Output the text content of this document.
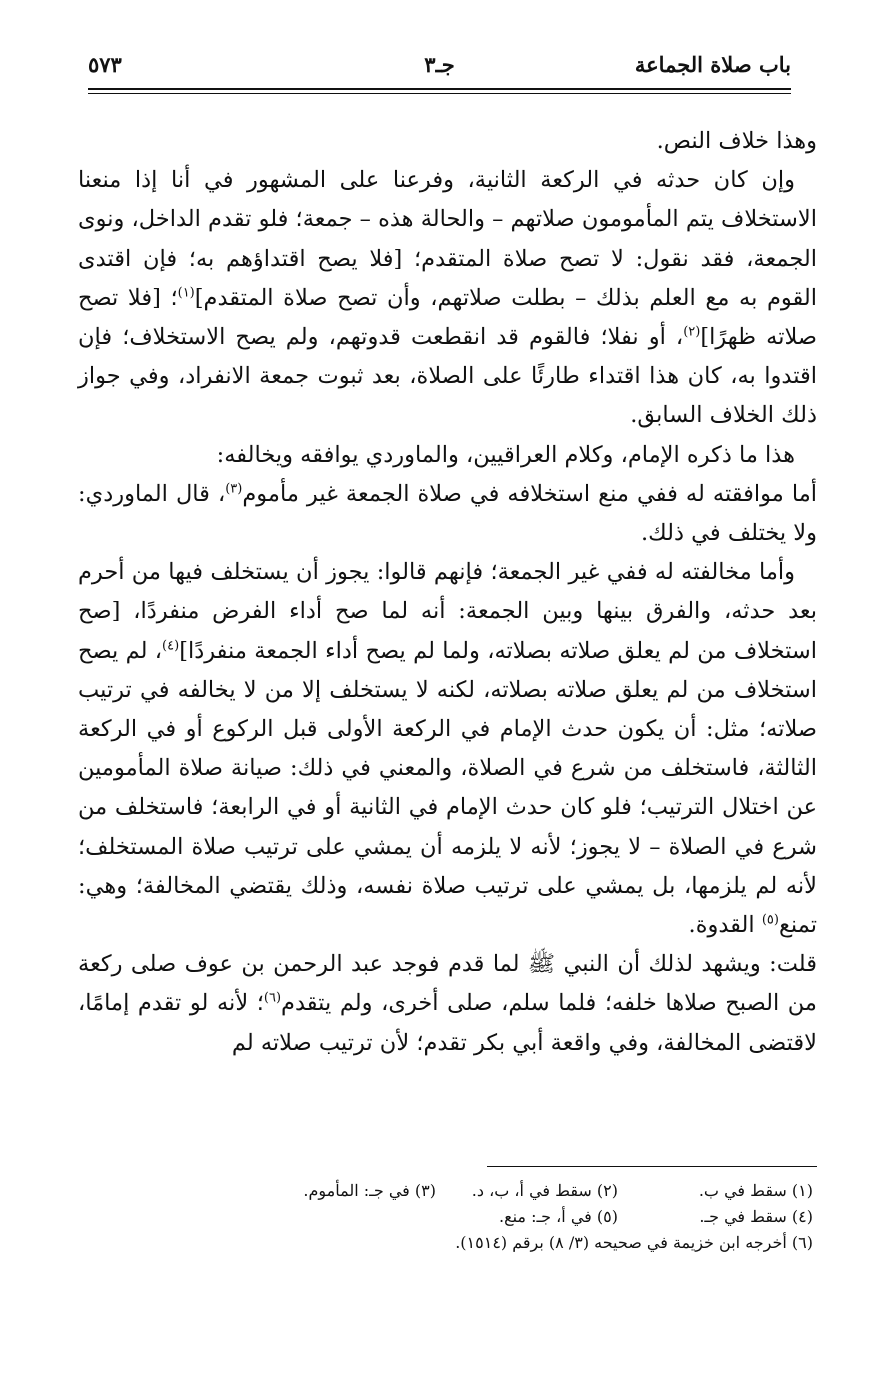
باب صلاة الجماعة
جـ٣
٥٧٣

وهذا خلاف النص.

وإن كان حدثه في الركعة الثانية، وفرعنا على المشهور في أنا إذا منعنا الاستخلاف يتم المأمومون صلاتهم – والحالة هذه – جمعة؛ فلو تقدم الداخل، ونوى الجمعة، فقد نقول: لا تصح صلاة المتقدم؛ [فلا يصح اقتداؤهم به؛ فإن اقتدى القوم به مع العلم بذلك – بطلت صلاتهم، وأن تصح صلاة المتقدم]$^{(١)}$؛ [فلا تصح صلاته ظهرًا]$^{(٢)}$، أو نفلا؛ فالقوم قد انقطعت قدوتهم، ولم يصح الاستخلاف؛ فإن اقتدوا به، كان هذا اقتداء طارئًا على الصلاة، بعد ثبوت جمعة الانفراد، وفي جواز ذلك الخلاف السابق.

هذا ما ذكره الإمام، وكلام العراقيين، والماوردي يوافقه ويخالفه:

أما موافقته له ففي منع استخلافه في صلاة الجمعة غير مأموم$^{(٣)}$، قال الماوردي: ولا يختلف في ذلك.

وأما مخالفته له ففي غير الجمعة؛ فإنهم قالوا: يجوز أن يستخلف فيها من أحرم بعد حدثه، والفرق بينها وبين الجمعة: أنه لما صح أداء الفرض منفردًا، [صح استخلاف من لم يعلق صلاته بصلاته، ولما لم يصح أداء الجمعة منفردًا]$^{(٤)}$، لم يصح استخلاف من لم يعلق صلاته بصلاته، لكنه لا يستخلف إلا من لا يخالفه في ترتيب صلاته؛ مثل: أن يكون حدث الإمام في الركعة الأولى قبل الركوع أو في الركعة الثالثة، فاستخلف من شرع في الصلاة، والمعني في ذلك: صيانة صلاة المأمومين عن اختلال الترتيب؛ فلو كان حدث الإمام في الثانية أو في الرابعة؛ فاستخلف من شرع في الصلاة – لا يجوز؛ لأنه لا يلزمه أن يمشي على ترتيب صلاة المستخلف؛ لأنه لم يلزمها، بل يمشي على ترتيب صلاة نفسه، وذلك يقتضي المخالفة؛ وهي: تمنع$^{(٥)}$ القدوة.

قلت: ويشهد لذلك أن النبي ﷺ لما قدم فوجد عبد الرحمن بن عوف صلى ركعة من الصبح صلاها خلفه؛ فلما سلم، صلى أخرى، ولم يتقدم$^{(٦)}$؛ لأنه لو تقدم إمامًا، لاقتضى المخالفة، وفي واقعة أبي بكر تقدم؛ لأن ترتيب صلاته لم

(١) سقط في ب.(٢) سقط في أ، ب، د.(٣) في جـ: المأموم.
(٤) سقط في جـ.(٥) في أ، جـ: منع.
(٦) أخرجه ابن خزيمة في صحيحه (٣/ ٨) برقم (١٥١٤).
